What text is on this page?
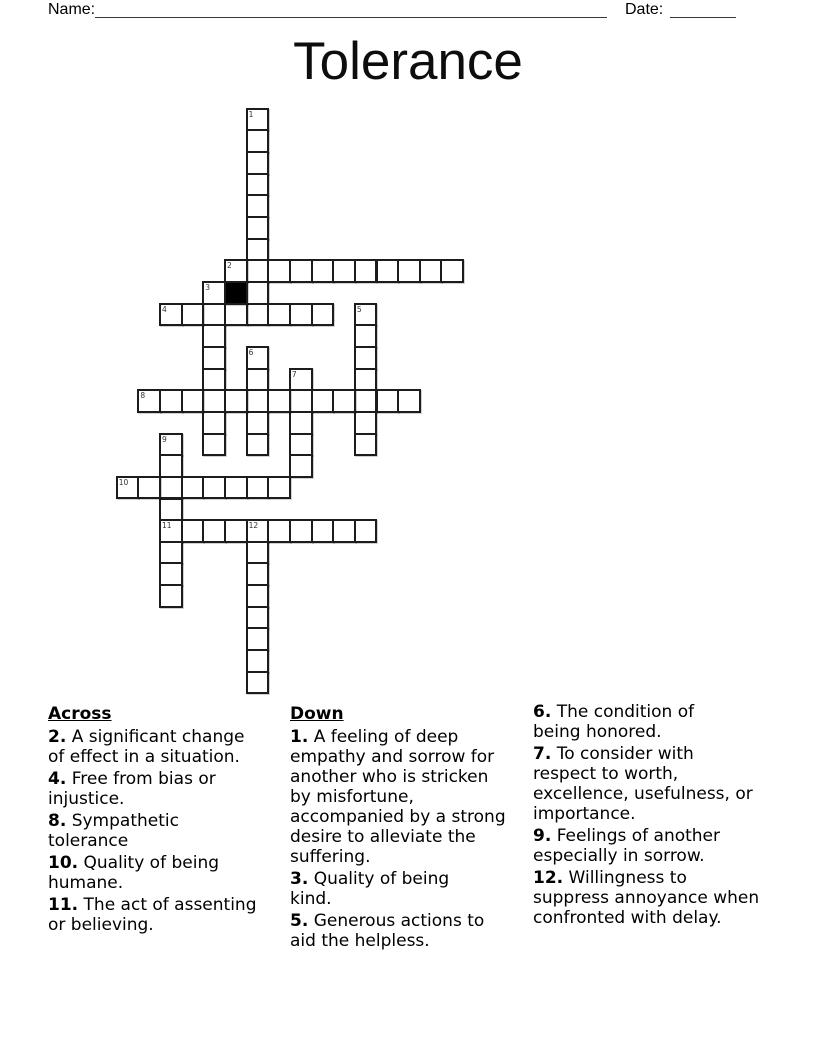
Name:	Date:
Tolerance
1
2
3
4	5
6
7
8
9
11
10
12
Across
2. A significant change
of effect in a situation.
4. Free from bias or
injustice.
8. Sympathetic
tolerance
10. Quality of being
humane.
11. The act of assenting
or believing.
Down
1. A feeling of deep
empathy and sorrow for
another who is stricken
by misfortune,
accompanied by a strong
desire to alleviate the
suffering.
3. Quality of being
kind.
5. Generous actions to
aid the helpless.
6. The condition of
being honored.
7. To consider with
respect to worth,
excellence, usefulness, or
importance.
9. Feelings of another
especially in sorrow.
12. Willingness to
suppress annoyance when
confronted with delay.
